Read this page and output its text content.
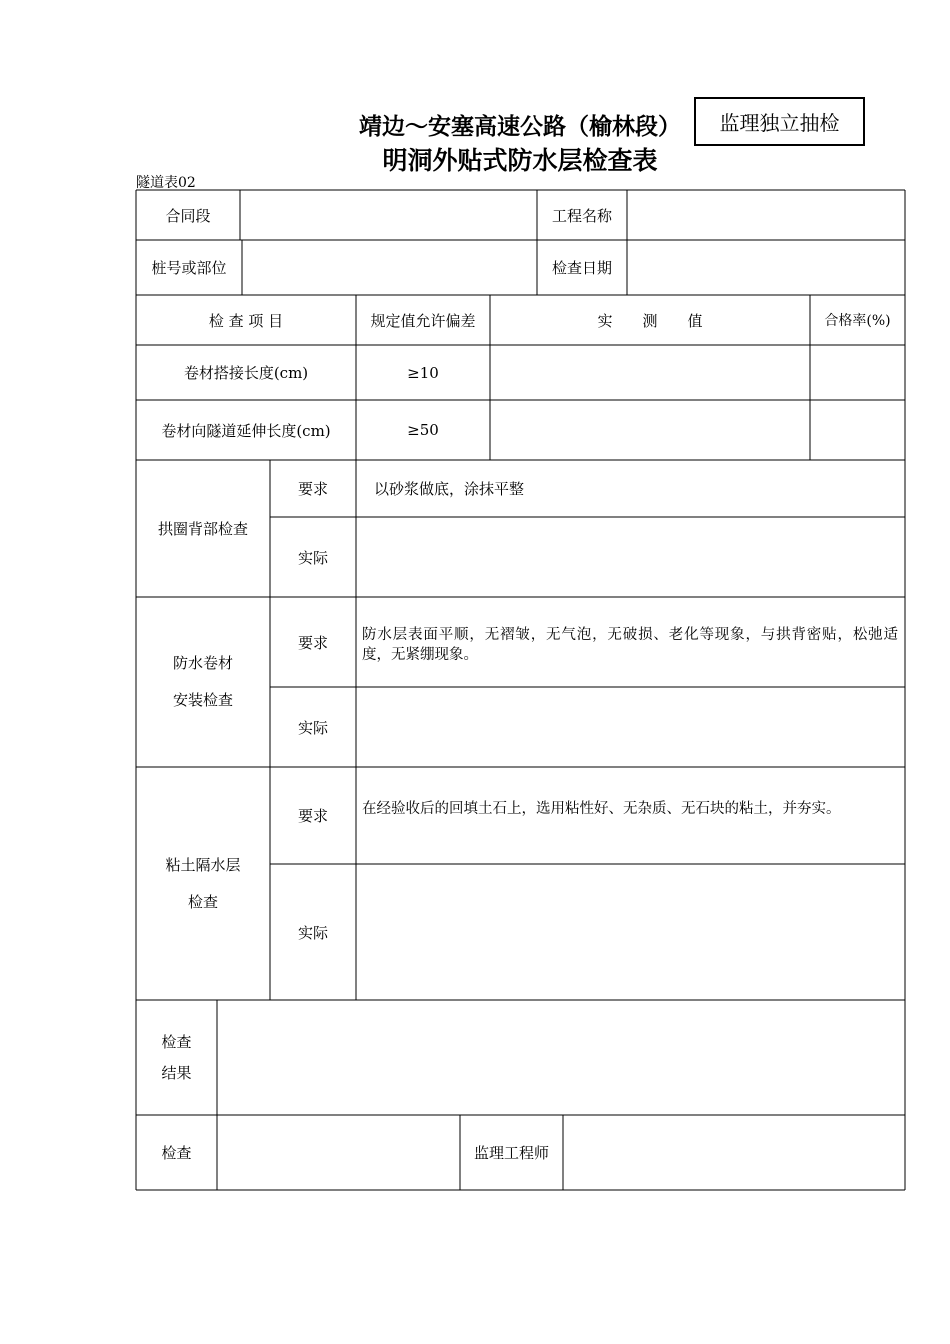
靖边～安塞高速公路（榆林段）
明洞外贴式防水层检查表
监理独立抽检
隧道表02
合同段	工程名称
桩号或部位	检查日期
检 查 项 目	规定值允许偏差	实　　测　　值	合格率(%)
卷材搭接长度(cm)	≥10
卷材向隧道延伸长度(cm)	≥50
拱圈背部检查
要求	以砂浆做底，涂抹平整
实际
防水卷材
安装检查
要求	防水层表面平顺，无褶皱，无气泡，无破损、老化等现象，与拱背密贴，松弛适度，无紧绷现象。
实际
粘土隔水层
检查
要求	在经验收后的回填土石上，选用粘性好、无杂质、无石块的粘土，并夯实。
实际
检查
结果
检查	监理工程师
